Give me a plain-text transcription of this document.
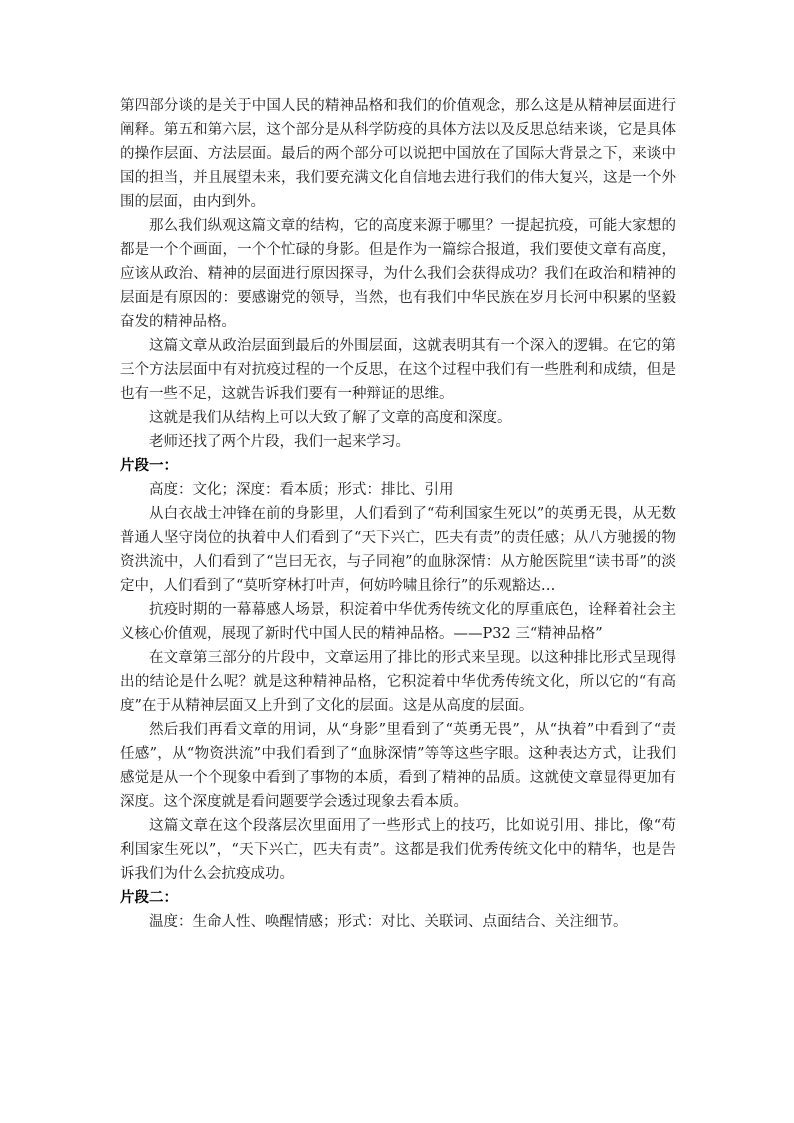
第四部分谈的是关于中国人民的精神品格和我们的价值观念，那么这是从精神层面进行阐释。第五和第六层，这个部分是从科学防疫的具体方法以及反思总结来谈，它是具体的操作层面、方法层面。最后的两个部分可以说把中国放在了国际大背景之下，来谈中国的担当，并且展望未来，我们要充满文化自信地去进行我们的伟大复兴，这是一个外围的层面，由内到外。

那么我们纵观这篇文章的结构，它的高度来源于哪里？一提起抗疫，可能大家想的都是一个个画面，一个个忙碌的身影。但是作为一篇综合报道，我们要使文章有高度，应该从政治、精神的层面进行原因探寻，为什么我们会获得成功？我们在政治和精神的层面是有原因的：要感谢党的领导，当然，也有我们中华民族在岁月长河中积累的坚毅奋发的精神品格。

这篇文章从政治层面到最后的外围层面，这就表明其有一个深入的逻辑。在它的第三个方法层面中有对抗疫过程的一个反思，在这个过程中我们有一些胜利和成绩，但是也有一些不足，这就告诉我们要有一种辩证的思维。

这就是我们从结构上可以大致了解了文章的高度和深度。

老师还找了两个片段，我们一起来学习。

片段一：

高度：文化；深度：看本质；形式：排比、引用

从白衣战士冲锋在前的身影里，人们看到了“苟利国家生死以”的英勇无畏，从无数普通人坚守岗位的执着中人们看到了“天下兴亡，匹夫有责”的责任感；从八方驰援的物资洪流中，人们看到了“岂曰无衣，与子同袍”的血脉深情：从方舱医院里“读书哥”的淡定中，人们看到了“莫听穿林打叶声，何妨吟啸且徐行”的乐观豁达…

抗疫时期的一幕幕感人场景，积淀着中华优秀传统文化的厚重底色，诠释着社会主义核心价值观，展现了新时代中国人民的精神品格。——P32 三“精神品格”

在文章第三部分的片段中，文章运用了排比的形式来呈现。以这种排比形式呈现得出的结论是什么呢？就是这种精神品格，它积淀着中华优秀传统文化，所以它的“有高度”在于从精神层面又上升到了文化的层面。这是从高度的层面。

然后我们再看文章的用词，从“身影”里看到了“英勇无畏”，从“执着”中看到了“责任感”，从“物资洪流”中我们看到了“血脉深情”等等这些字眼。这种表达方式，让我们感觉是从一个个现象中看到了事物的本质，看到了精神的品质。这就使文章显得更加有深度。这个深度就是看问题要学会透过现象去看本质。

这篇文章在这个段落层次里面用了一些形式上的技巧，比如说引用、排比，像“苟利国家生死以”，“天下兴亡，匹夫有责”。这都是我们优秀传统文化中的精华，也是告诉我们为什么会抗疫成功。

片段二：

温度：生命人性、唤醒情感；形式：对比、关联词、点面结合、关注细节。
